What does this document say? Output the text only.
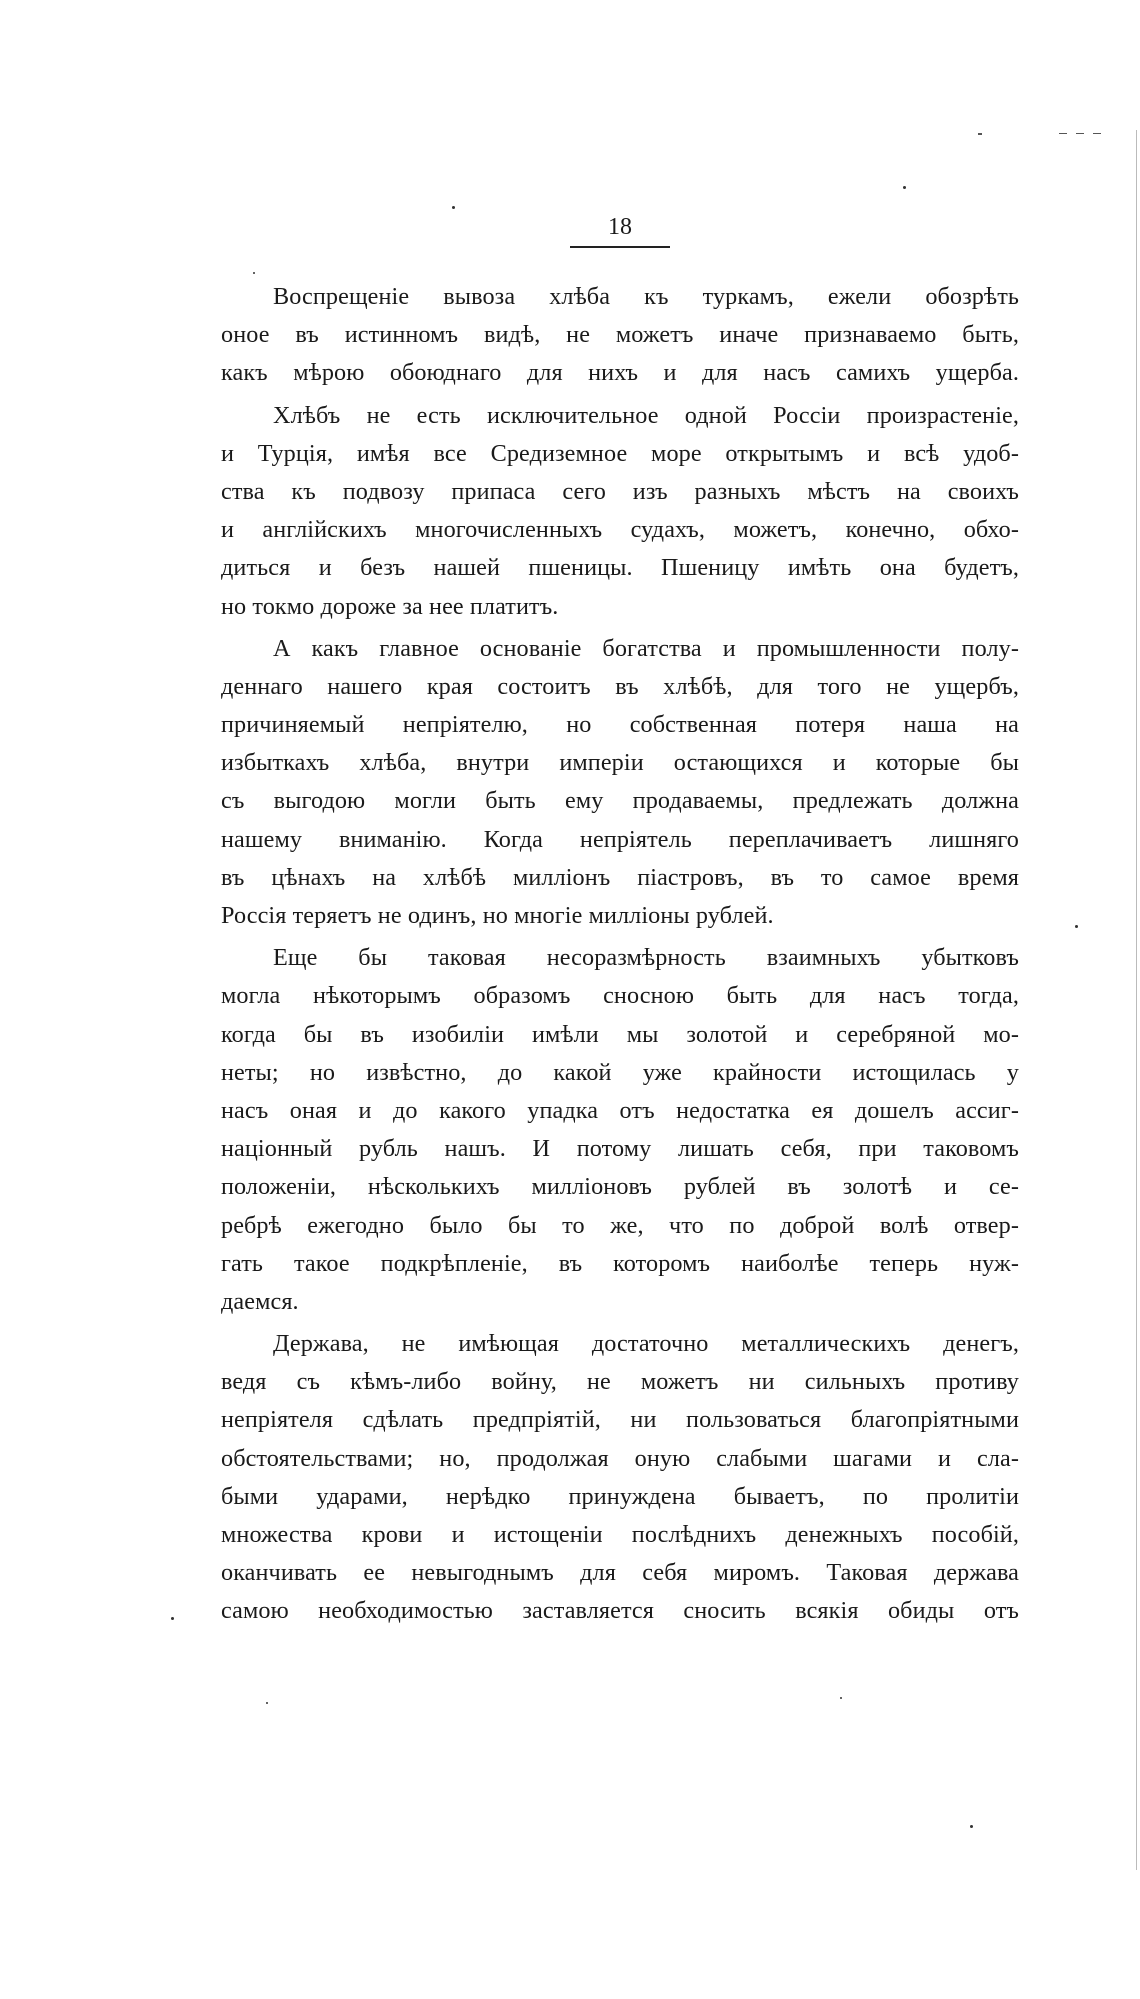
18
Воспрещеніе вывоза хлѣба къ туркамъ, ежели обозрѣть
оное въ истинномъ видѣ, не можетъ иначе признаваемо быть,
какъ мѣрою обоюднаго для нихъ и для насъ самихъ ущерба.
Хлѣбъ не есть исключительное одной Россіи произрастеніе,
и Турція, имѣя все Средиземное море открытымъ и всѣ удоб-
ства къ подвозу припаса сего изъ разныхъ мѣстъ на своихъ
и англійскихъ многочисленныхъ судахъ, можетъ, конечно, обхо-
диться и безъ нашей пшеницы. Пшеницу имѣть она будетъ,
но токмо дороже за нее платитъ.
А какъ главное основаніе богатства и промышленности полу-
деннаго нашего края состоитъ въ хлѣбѣ, для того не ущербъ,
причиняемый непріятелю, но собственная потеря наша на
избыткахъ хлѣба, внутри имперіи остающихся и которые бы
съ выгодою могли быть ему продаваемы, предлежать должна
нашему вниманію. Когда непріятель переплачиваетъ лишняго
въ цѣнахъ на хлѣбѣ милліонъ піастровъ, въ то самое время
Россія теряетъ не одинъ, но многіе милліоны рублей.
Еще бы таковая несоразмѣрность взаимныхъ убытковъ
могла нѣкоторымъ образомъ сносною быть для насъ тогда,
когда бы въ изобиліи имѣли мы золотой и серебряной мо-
неты; но извѣстно, до какой уже крайности истощилась у
насъ оная и до какого упадка отъ недостатка ея дошелъ ассиг-
націонный рубль нашъ. И потому лишать себя, при таковомъ
положеніи, нѣсколькихъ милліоновъ рублей въ золотѣ и се-
ребрѣ ежегодно было бы то же, что по доброй волѣ отвер-
гать такое подкрѣпленіе, въ которомъ наиболѣе теперь нуж-
даемся.
Держава, не имѣющая достаточно металлическихъ денегъ,
ведя съ кѣмъ-либо войну, не можетъ ни сильныхъ противу
непріятеля сдѣлать предпріятій, ни пользоваться благопріятными
обстоятельствами; но, продолжая оную слабыми шагами и сла-
быми ударами, нерѣдко принуждена бываетъ, по пролитіи
множества крови и истощеніи послѣднихъ денежныхъ пособій,
оканчивать ее невыгоднымъ для себя миромъ. Таковая держава
самою необходимостью заставляется сносить всякія обиды отъ
